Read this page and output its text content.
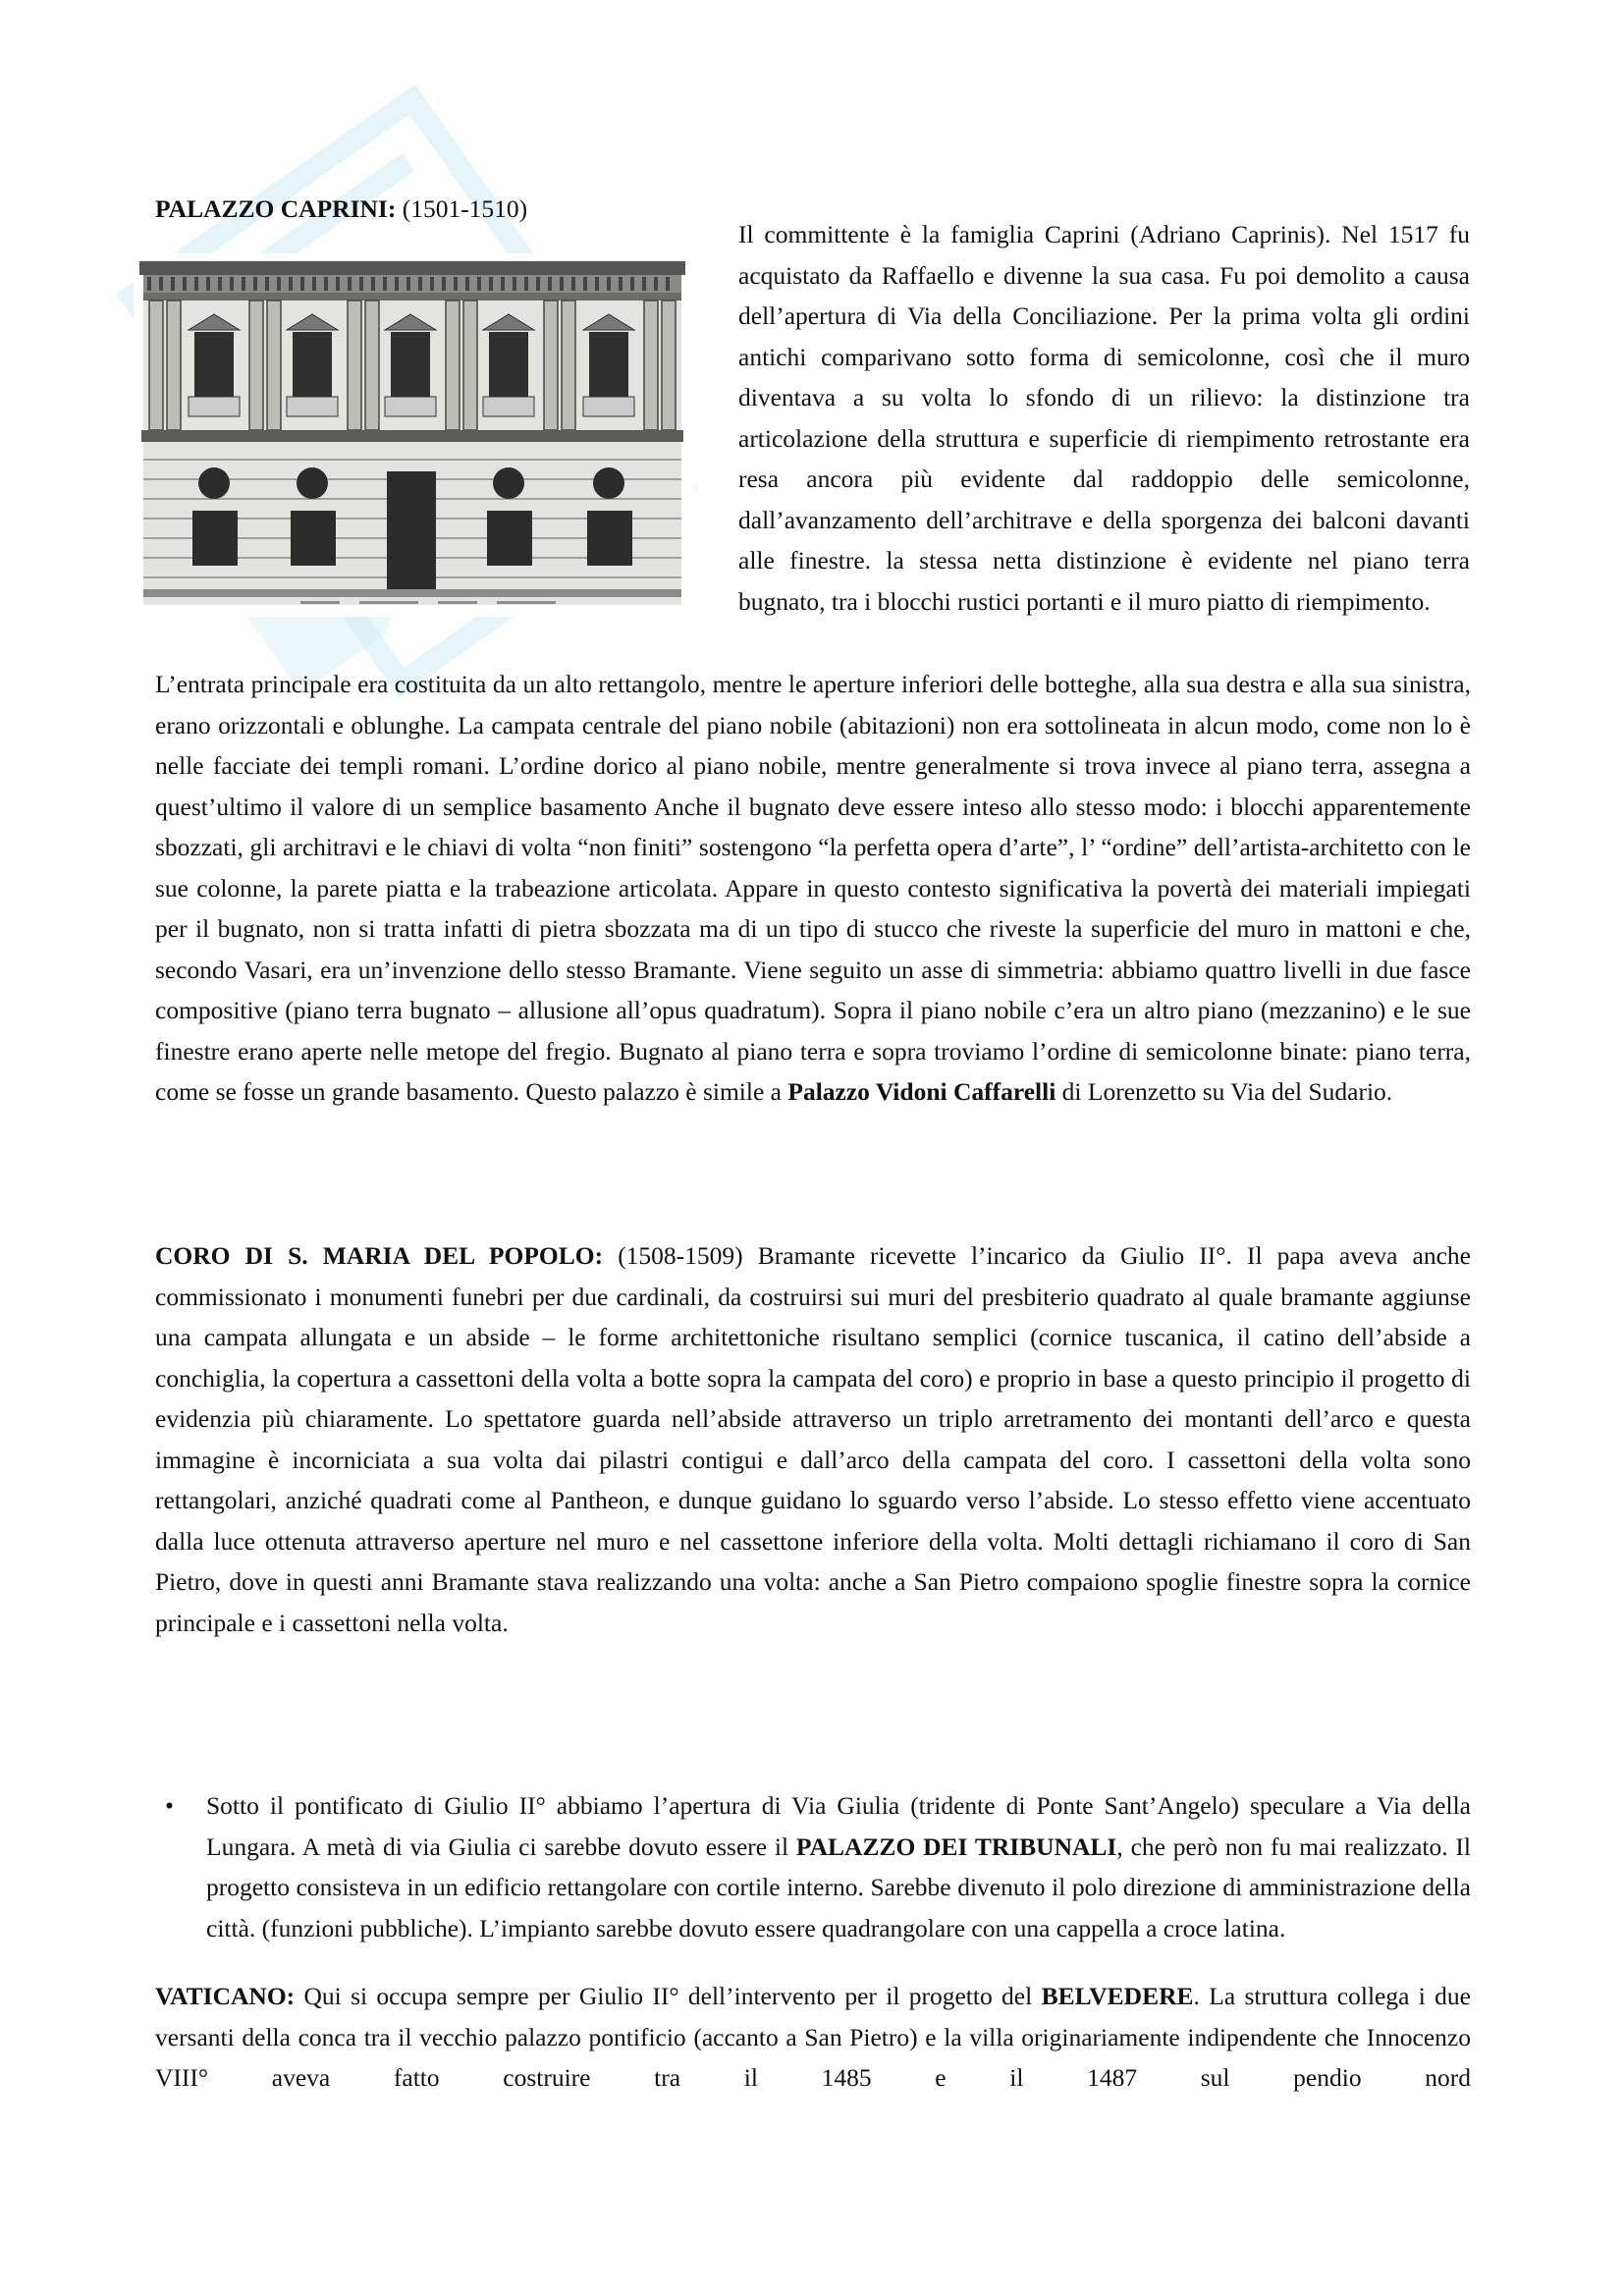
PALAZZO CAPRINI: (1501-1510)

Il committente è la famiglia Caprini (Adriano Caprinis). Nel 1517 fu acquistato da Raffaello e divenne la sua casa. Fu poi demolito a causa dell’apertura di Via della Conciliazione. Per la prima volta gli ordini antichi comparivano sotto forma di semicolonne, così che il muro diventava a su volta lo sfondo di un rilievo: la distinzione tra articolazione della struttura e superficie di riempimento retrostante era resa ancora più evidente dal raddoppio delle semicolonne, dall’avanzamento dell’architrave e della sporgenza dei balconi davanti alle finestre. la stessa netta distinzione è evidente nel piano terra bugnato, tra i blocchi rustici portanti e il muro piatto di riempimento.

L’entrata principale era costituita da un alto rettangolo, mentre le aperture inferiori delle botteghe, alla sua destra e alla sua sinistra, erano orizzontali e oblunghe. La campata centrale del piano nobile (abitazioni) non era sottolineata in alcun modo, come non lo è nelle facciate dei templi romani. L’ordine dorico al piano nobile, mentre generalmente si trova invece al piano terra, assegna a quest’ultimo il valore di un semplice basamento Anche il bugnato deve essere inteso allo stesso modo: i blocchi apparentemente sbozzati, gli architravi e le chiavi di volta “non finiti” sostengono “la perfetta opera d’arte”, l’ “ordine” dell’artista-architetto con le sue colonne, la parete piatta e la trabeazione articolata. Appare in questo contesto significativa la povertà dei materiali impiegati per il bugnato, non si tratta infatti di pietra sbozzata ma di un tipo di stucco che riveste la superficie del muro in mattoni e che, secondo Vasari, era un’invenzione dello stesso Bramante. Viene seguito un asse di simmetria: abbiamo quattro livelli in due fasce compositive (piano terra bugnato – allusione all’opus quadratum). Sopra il piano nobile c’era un altro piano (mezzanino) e le sue finestre erano aperte nelle metope del fregio. Bugnato al piano terra e sopra troviamo l’ordine di semicolonne binate: piano terra, come se fosse un grande basamento. Questo palazzo è simile a Palazzo Vidoni Caffarelli di Lorenzetto su Via del Sudario.

CORO DI S. MARIA DEL POPOLO: (1508-1509) Bramante ricevette l’incarico da Giulio II°. Il papa aveva anche commissionato i monumenti funebri per due cardinali, da costruirsi sui muri del presbiterio quadrato al quale bramante aggiunse una campata allungata e un abside – le forme architettoniche risultano semplici (cornice tuscanica, il catino dell’abside a conchiglia, la copertura a cassettoni della volta a botte sopra la campata del coro) e proprio in base a questo principio il progetto di evidenzia più chiaramente. Lo spettatore guarda nell’abside attraverso un triplo arretramento dei montanti dell’arco e questa immagine è incorniciata a sua volta dai pilastri contigui e dall’arco della campata del coro. I cassettoni della volta sono rettangolari, anziché quadrati come al Pantheon, e dunque guidano lo sguardo verso l’abside. Lo stesso effetto viene accentuato dalla luce ottenuta attraverso aperture nel muro e nel cassettone inferiore della volta. Molti dettagli richiamano il coro di San Pietro, dove in questi anni Bramante stava realizzando una volta: anche a San Pietro compaiono spoglie finestre sopra la cornice principale e i cassettoni nella volta.

•	Sotto il pontificato di Giulio II° abbiamo l’apertura di Via Giulia (tridente di Ponte Sant’Angelo) speculare a Via della Lungara. A metà di via Giulia ci sarebbe dovuto essere il PALAZZO DEI TRIBUNALI, che però non fu mai realizzato. Il progetto consisteva in un edificio rettangolare con cortile interno. Sarebbe divenuto il polo direzione di amministrazione della città. (funzioni pubbliche). L’impianto sarebbe dovuto essere quadrangolare con una cappella a croce latina.

VATICANO: Qui si occupa sempre per Giulio II° dell’intervento per il progetto del BELVEDERE. La struttura collega i due versanti della conca tra il vecchio palazzo pontificio (accanto a San Pietro) e la villa originariamente indipendente che Innocenzo VIII° aveva fatto costruire tra il 1485 e il 1487 sul pendio nord
